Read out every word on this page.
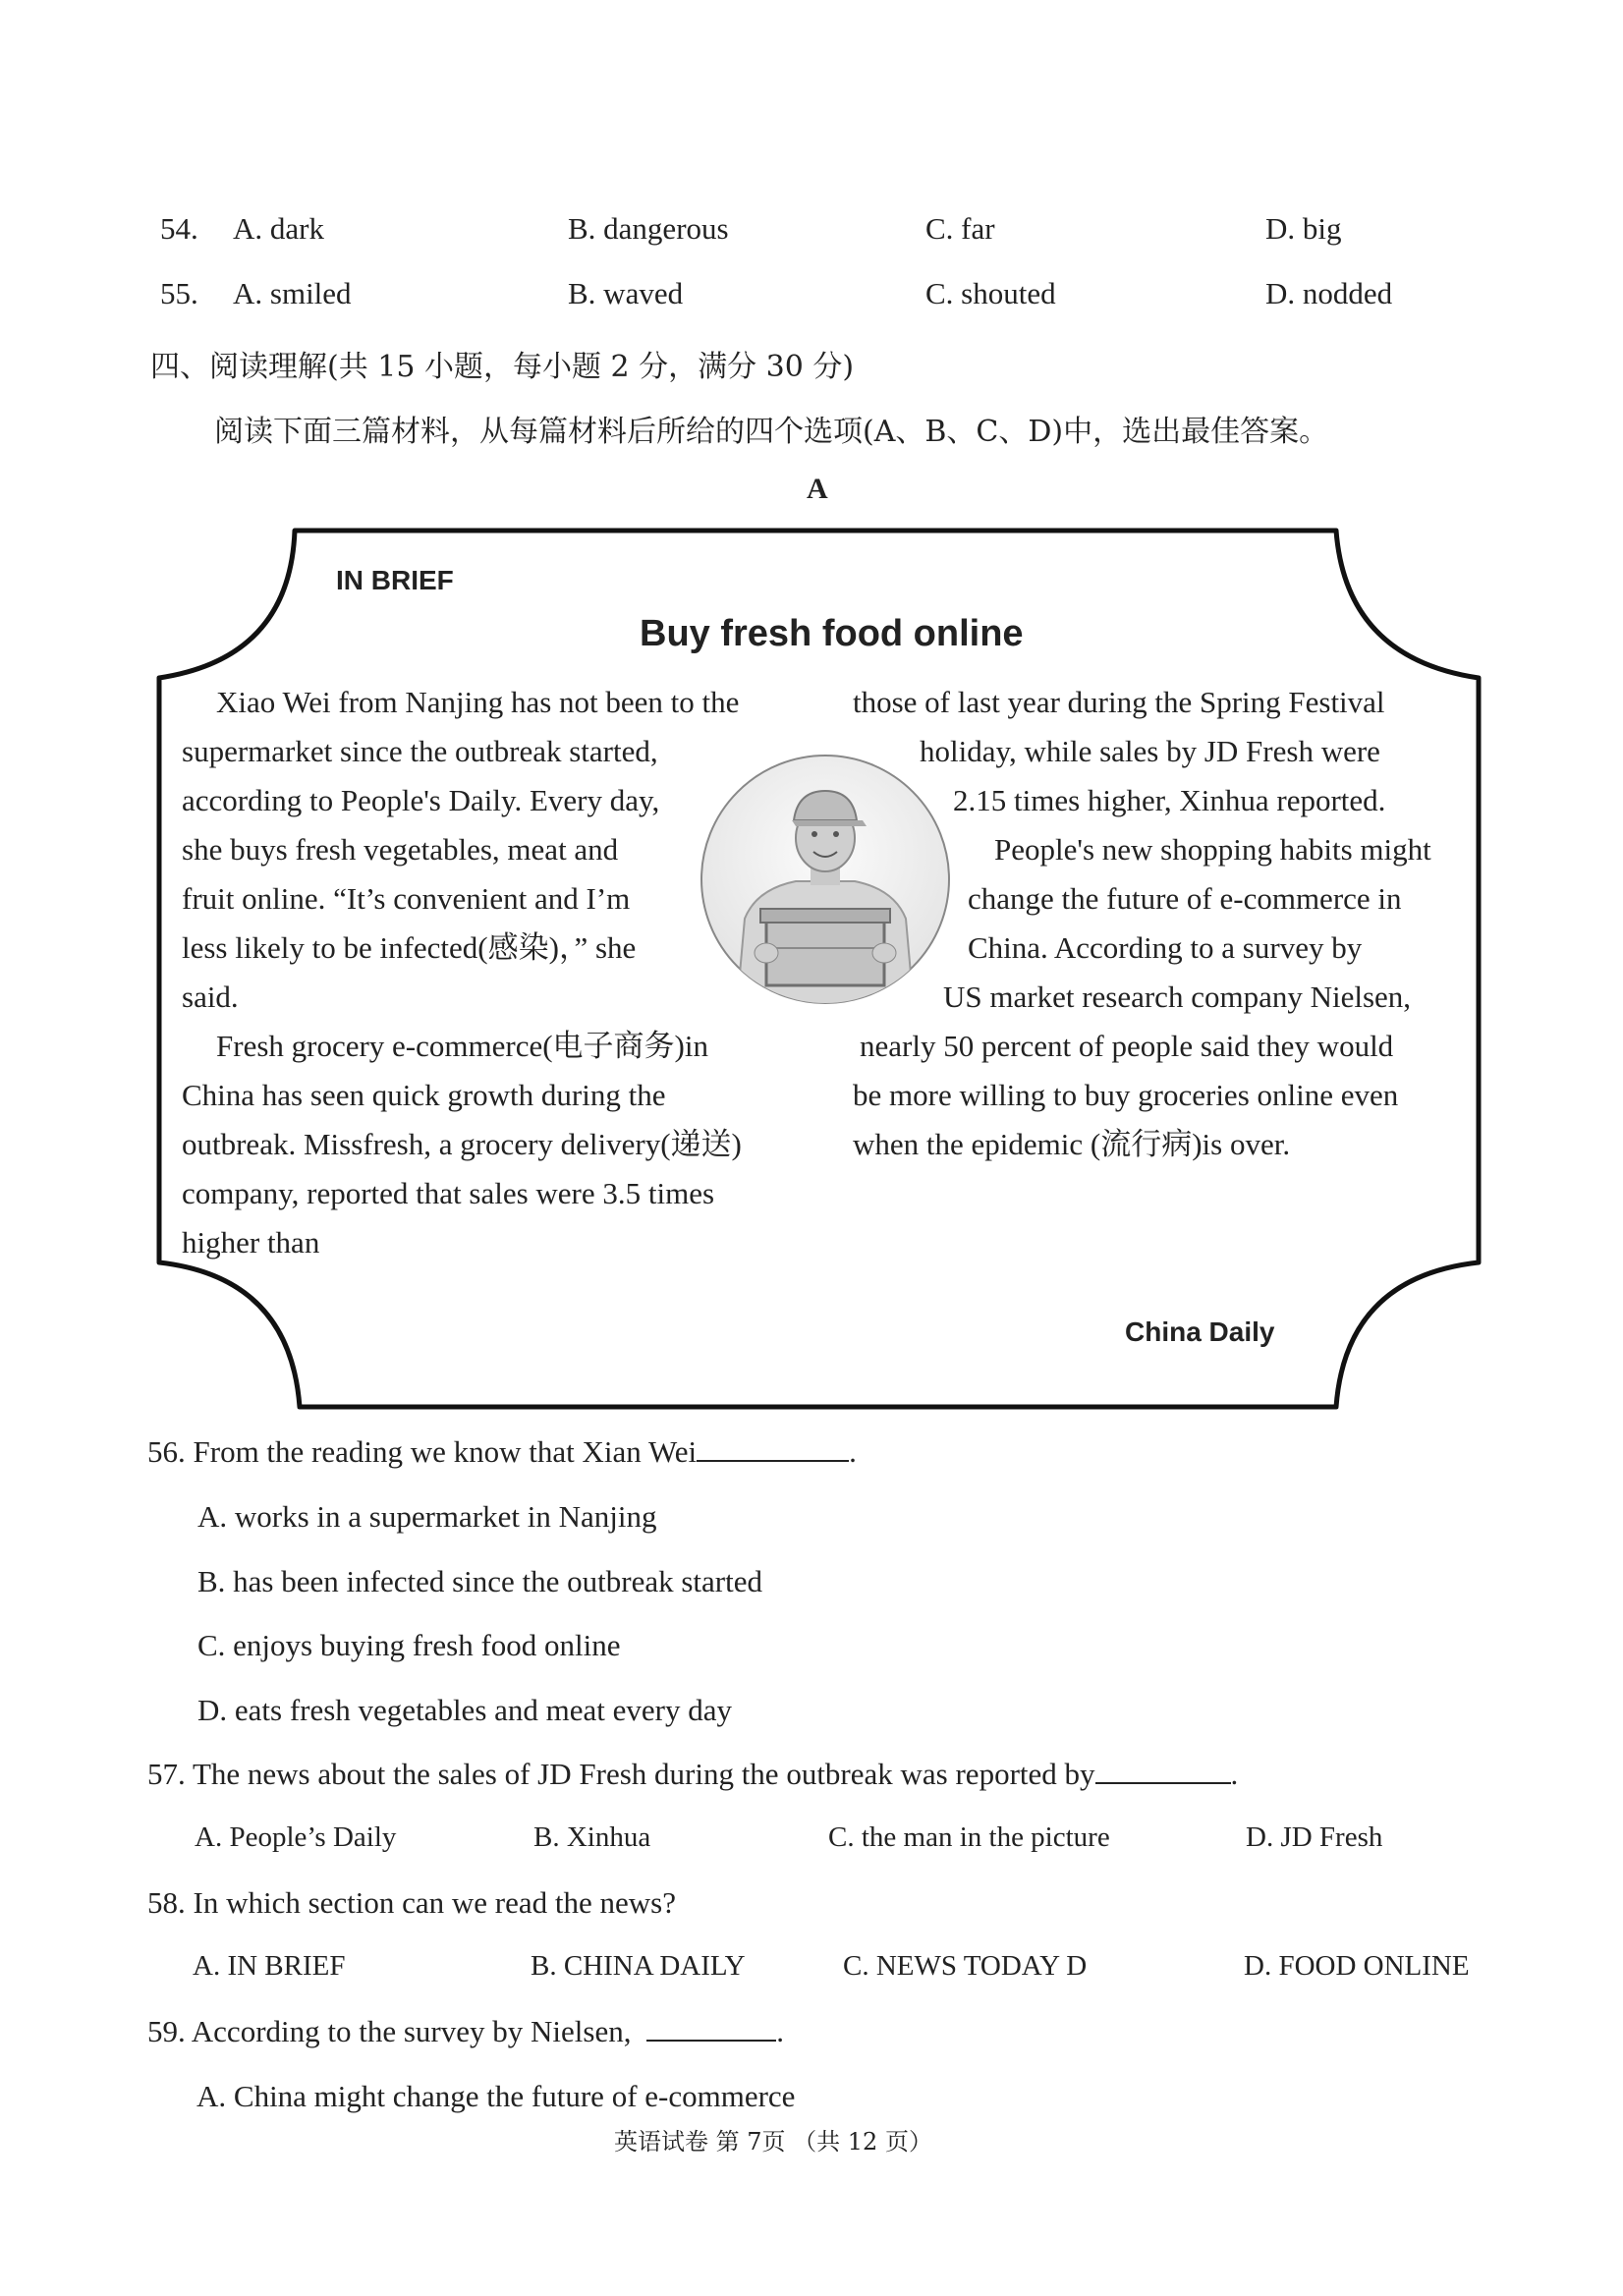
54. A. dark	B. dangerous	C. far	D. big
55. A. smiled	B. waved	C. shouted	D. nodded
四、阅读理解(共 15 小题，每小题 2 分，满分 30 分)
阅读下面三篇材料，从每篇材料后所给的四个选项(A、B、C、D)中，选出最佳答案。
A
IN BRIEF
Buy fresh food online
Xiao Wei from Nanjing has not been to the
supermarket since the outbreak started,
according to People's Daily. Every day,
she buys fresh vegetables, meat and
fruit online. “It’s convenient and I’m
less likely to be infected(感染)，” she
said.
Fresh grocery e-commerce(电子商务)in
China has seen quick growth during the
outbreak. Missfresh, a grocery delivery(递送)
company, reported that sales were 3.5 times
higher than
those of last year during the Spring Festival
holiday, while sales by JD Fresh were
2.15 times higher, Xinhua reported.
People's new shopping habits might
change the future of e-commerce in
China. According to a survey by
US market research company Nielsen,
nearly 50 percent of people said they would
be more willing to buy groceries online even
when the epidemic (流行病)is over.
China Daily
56. From the reading we know that Xian Wei	.
A. works in a supermarket in Nanjing
B. has been infected since the outbreak started
C. enjoys buying fresh food online
D. eats fresh vegetables and meat every day
57. The news about the sales of JD Fresh during the outbreak was reported by	.
A. People’s Daily	B. Xinhua	C. the man in the picture	D. JD Fresh
58. In which section can we read the news?
A. IN BRIEF	B. CHINA DAILY	C. NEWS TODAY D	D. FOOD ONLINE
59. According to the survey by Nielsen,	.
A. China might change the future of e-commerce
英语试卷 第 7页 （共 12 页）
